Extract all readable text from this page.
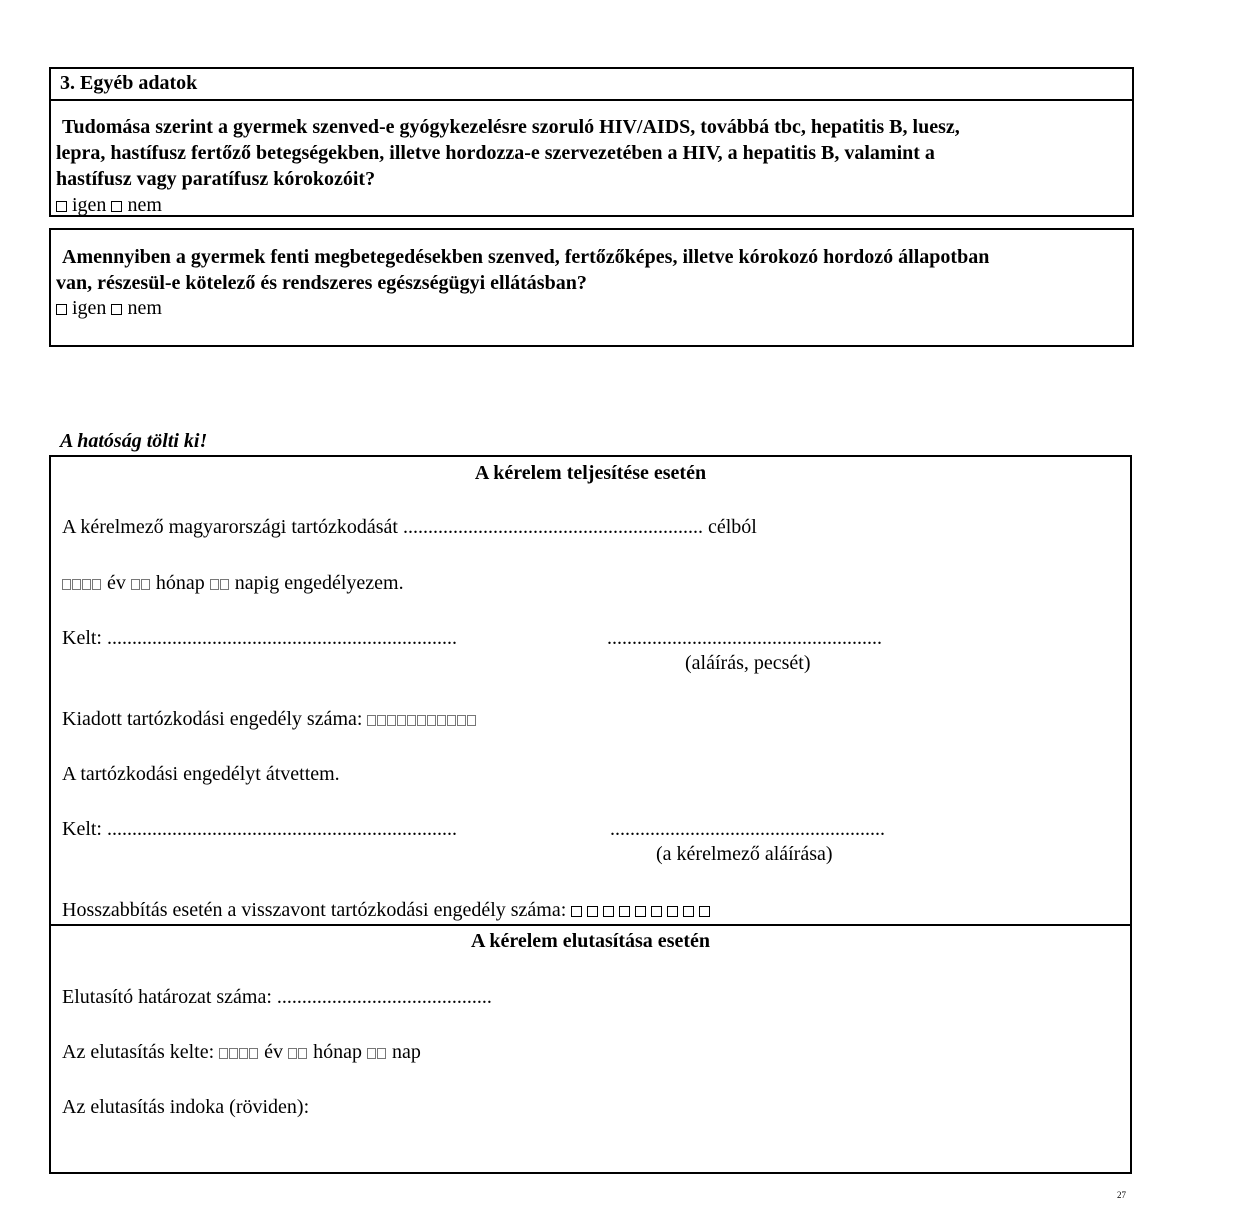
3. Egyéb adatok
Tudomása szerint a gyermek szenved-e gyógykezelésre szoruló HIV/AIDS, továbbá tbc, hepatitis B, luesz,
lepra, hastífusz fertőző betegségekben, illetve hordozza-e szervezetében a HIV, a hepatitis B, valamint a
hastífusz vagy paratífusz kórokozóit?
igen nem
Amennyiben a gyermek fenti megbetegedésekben szenved, fertőzőképes, illetve kórokozó hordozó állapotban
van, részesül-e kötelező és rendszeres egészségügyi ellátásban?
igen nem
A hatóság tölti ki!
A kérelem teljesítése esetén
A kérelmező magyarországi tartózkodását ............................................................ célból
év hónap napig engedélyezem.
Kelt: ......................................................................	.......................................................
(aláírás, pecsét)
Kiadott tartózkodási engedély száma:
A tartózkodási engedélyt átvettem.
Kelt: ......................................................................	.......................................................
(a kérelmező aláírása)
Hosszabbítás esetén a visszavont tartózkodási engedély száma:
A kérelem elutasítása esetén
Elutasító határozat száma: ...........................................
Az elutasítás kelte:	év hónap nap
Az elutasítás indoka (röviden):
27
